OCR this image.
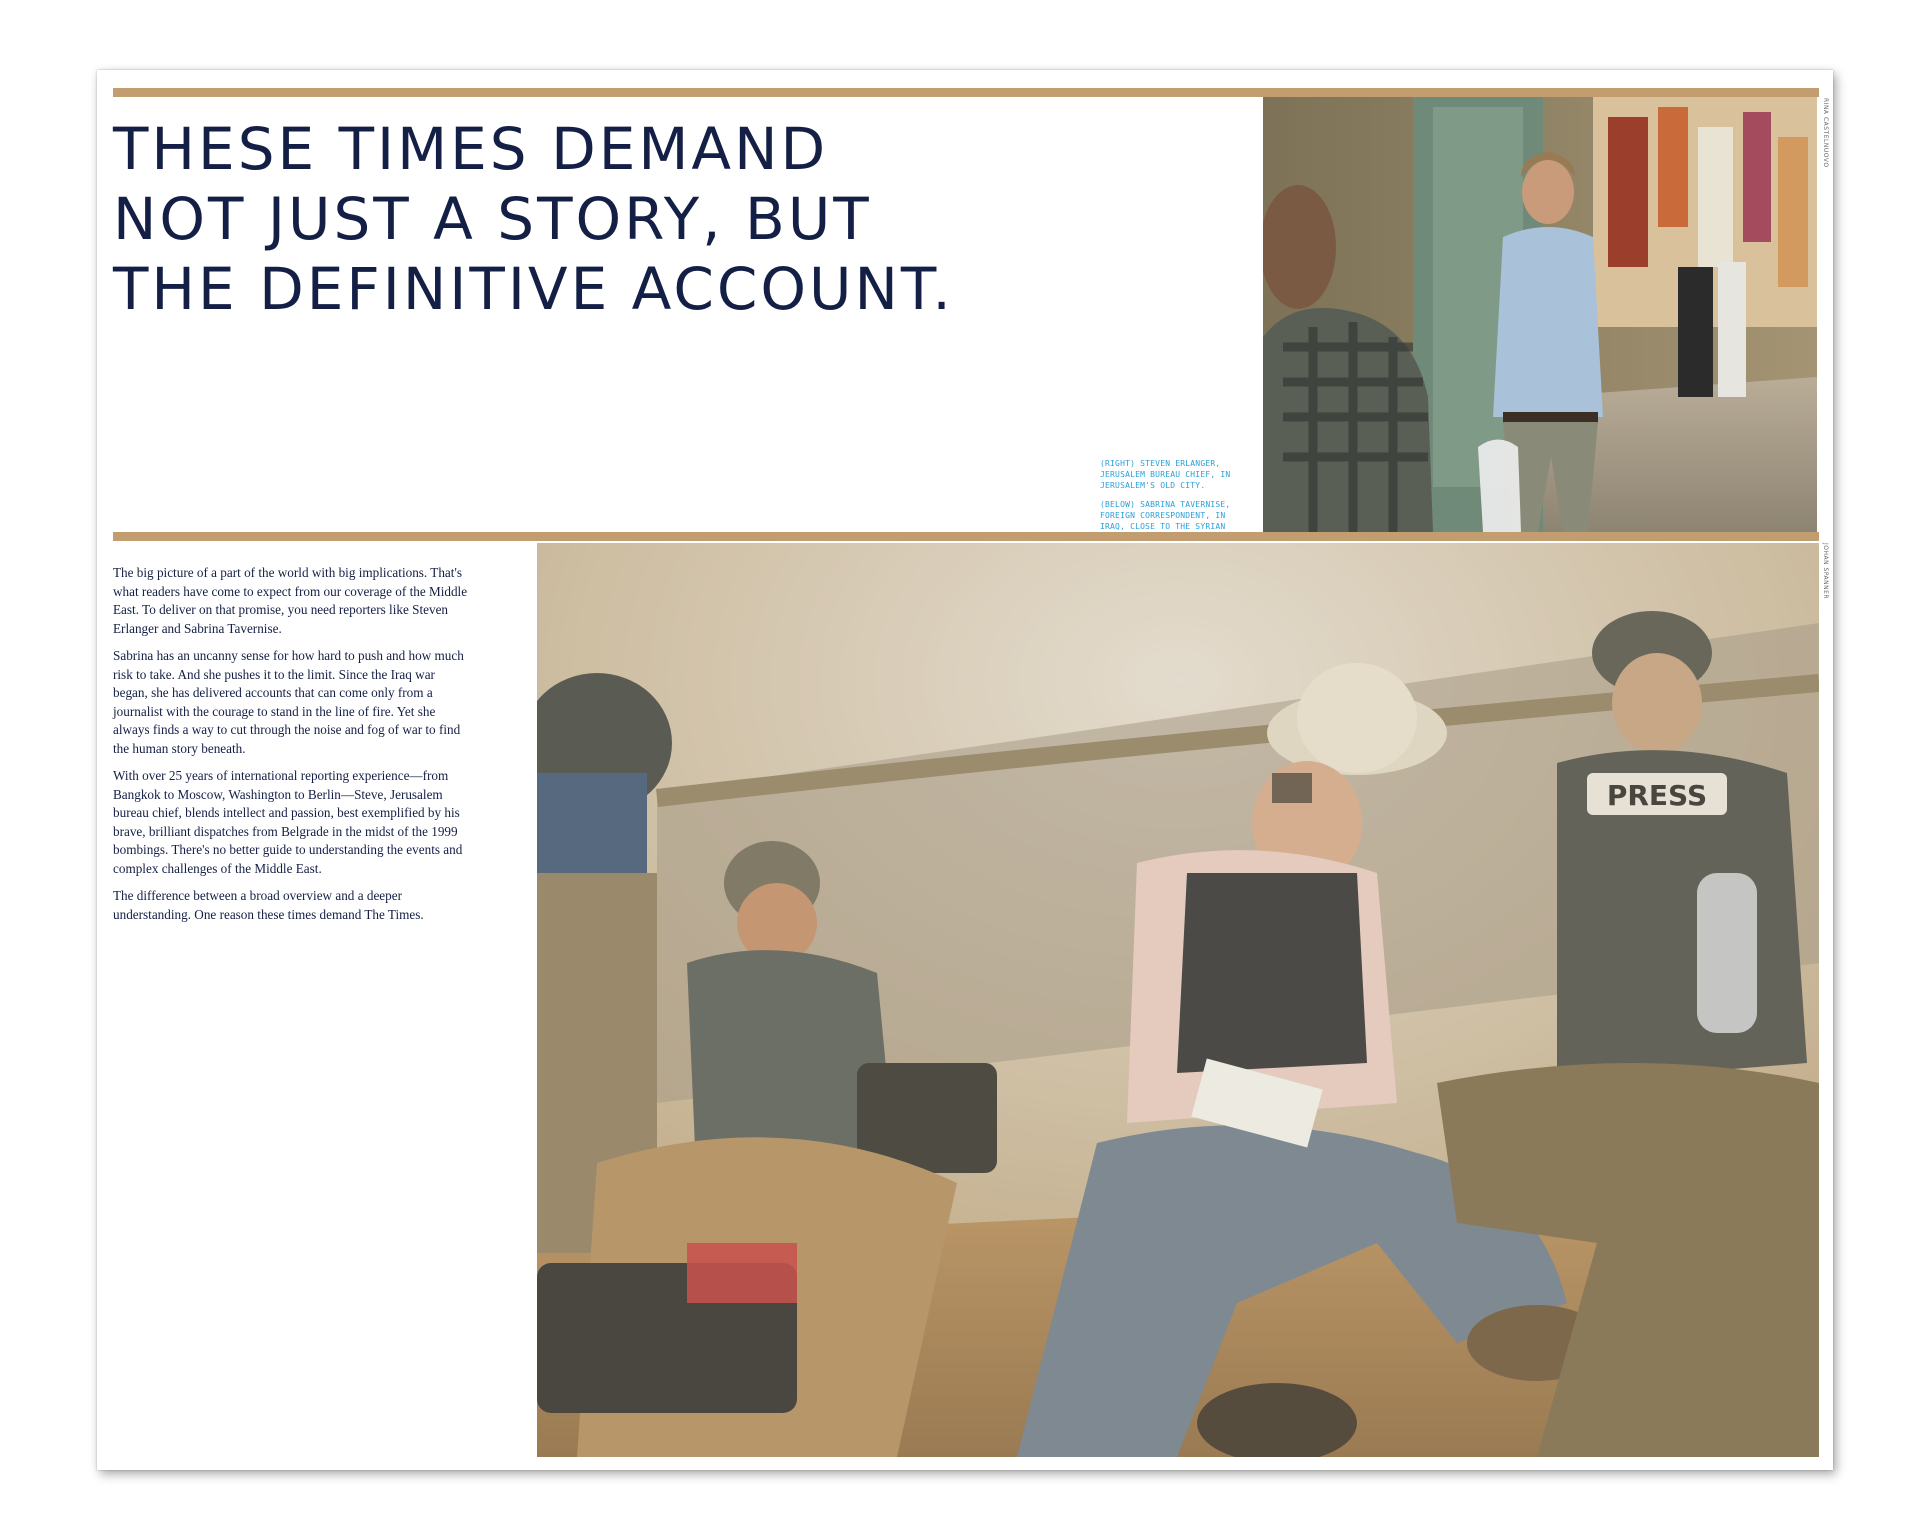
THESE TIMES DEMAND
NOT JUST A STORY, BUT
THE DEFINITIVE ACCOUNT.

(RIGHT) STEVEN ERLANGER, JERUSALEM BUREAU CHIEF, IN JERUSALEM'S OLD CITY.

(BELOW) SABRINA TAVERNISE, FOREIGN CORRESPONDENT, IN IRAQ, CLOSE TO THE SYRIAN

RINA CASTELNUOVO

The big picture of a part of the world with big implications. That's what readers have come to expect from our coverage of the Middle East. To deliver on that promise, you need reporters like Steven Erlanger and Sabrina Tavernise.

Sabrina has an uncanny sense for how hard to push and how much risk to take. And she pushes it to the limit. Since the Iraq war began, she has delivered accounts that can come only from a journalist with the courage to stand in the line of fire. Yet she always finds a way to cut through the noise and fog of war to find the human story beneath.

With over 25 years of international reporting experience—from Bangkok to Moscow, Washington to Berlin—Steve, Jerusalem bureau chief, blends intellect and passion, best exemplified by his brave, brilliant dispatches from Belgrade in the midst of the 1999 bombings. There's no better guide to understanding the events and complex challenges of the Middle East.

The difference between a broad overview and a deeper understanding. One reason these times demand The Times.

PRESS
JOHAN SPANNER
